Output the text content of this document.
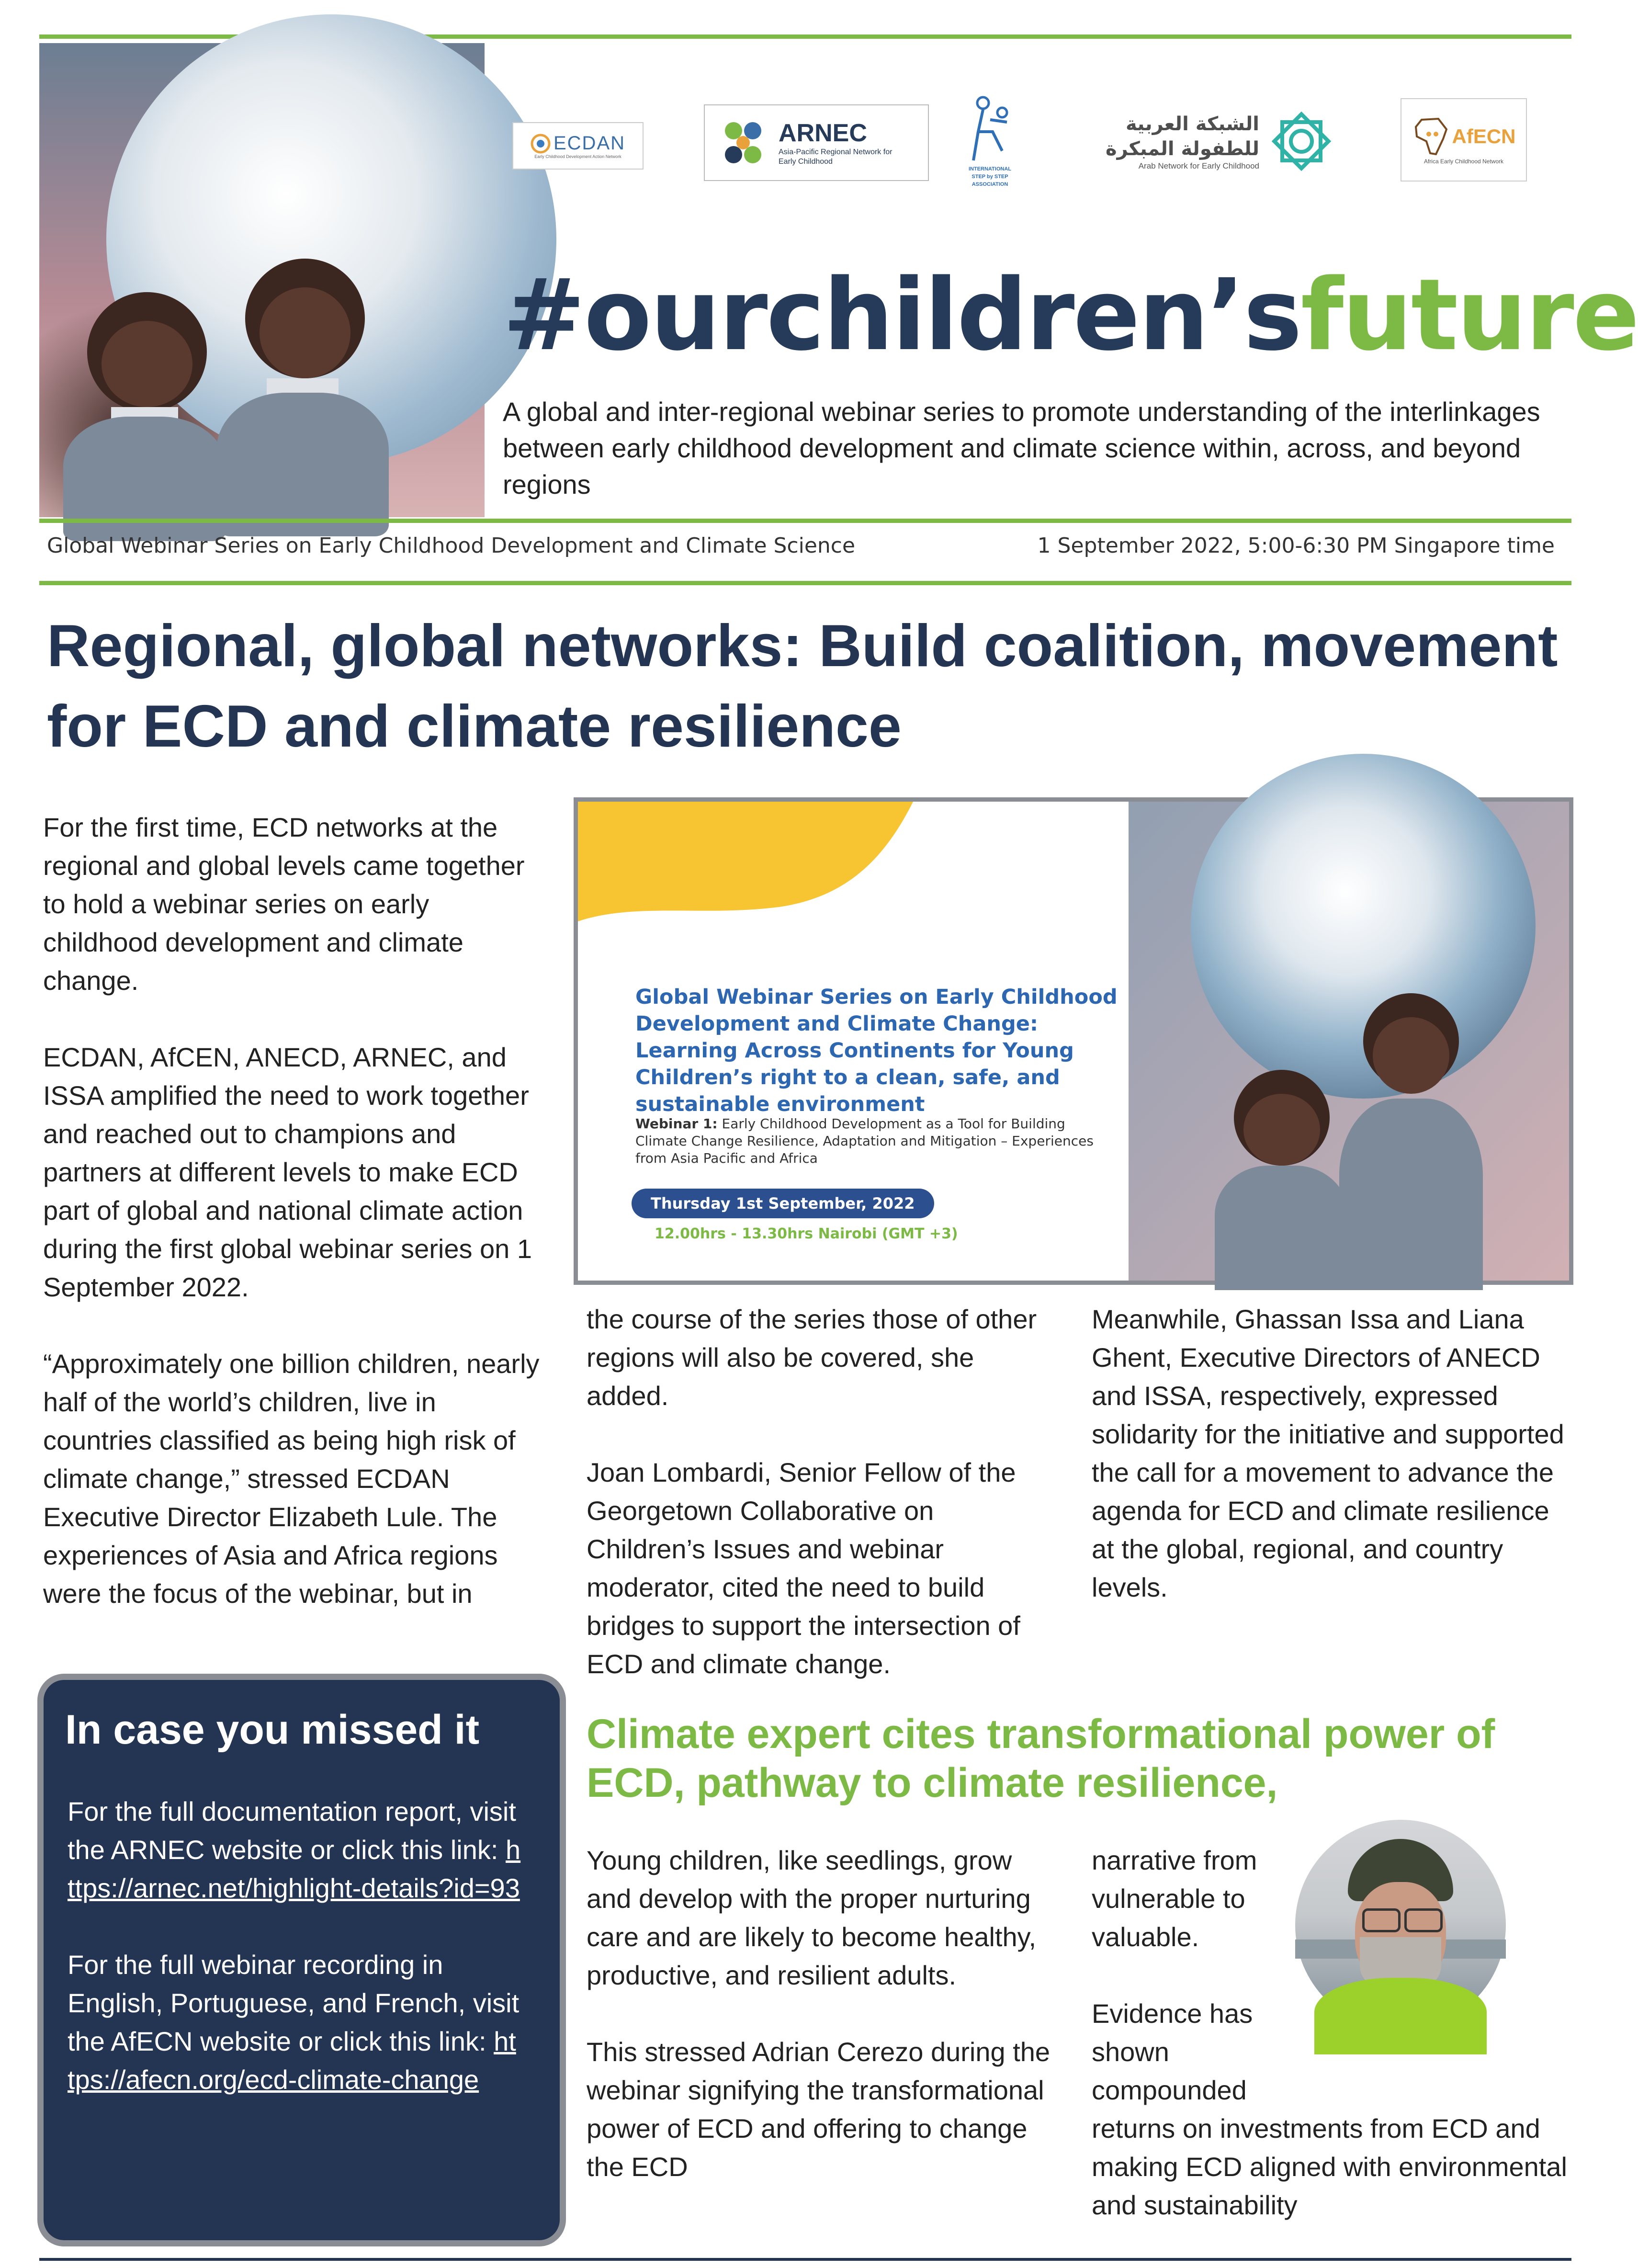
ECDAN
Early Childhood Development Action Network
ARNEC
Asia-Pacific Regional Network for Early Childhood
INTERNATIONAL STEP by STEP ASSOCIATION
الشبكة العربية للطفولة المبكرة
Arab Network for Early Childhood
AfECN
Africa Early Childhood Network
#ourchildren’sfuture
A global and inter-regional webinar series to promote understanding of the interlinkages between early childhood development and climate science within, across, and beyond regions
Global Webinar Series on Early Childhood Development and Climate Science	1 September 2022, 5:00-6:30 PM Singapore time
Regional, global networks: Build coalition, movement for ECD and climate resilience

For the first time, ECD networks at the regional and global levels came together to hold a webinar series on early childhood development and climate change.

ECDAN, AfCEN, ANECD, ARNEC, and ISSA amplified the need to work together and reached out to champions and partners at different levels to make ECD part of global and national climate action during the first global webinar series on 1 September 2022.

“Approximately one billion children, nearly half of the world’s children, live in countries classified as being high risk of climate change,” stressed ECDAN Executive Director Elizabeth Lule. The experiences of Asia and Africa regions were the focus of the webinar, but in

Global Webinar Series on Early Childhood Development and Climate Change: Learning Across Continents for Young Children’s right to a clean, safe, and sustainable environment
Webinar 1: Early Childhood Development as a Tool for Building Climate Change Resilience, Adaptation and Mitigation – Experiences from Asia Pacific and Africa
Thursday 1st September, 2022
12.00hrs - 13.30hrs Nairobi (GMT +3)

the course of the series those of other regions will also be covered, she added.

Joan Lombardi, Senior Fellow of the Georgetown Collaborative on Children’s Issues and webinar moderator, cited the need to build bridges to support the intersection of ECD and climate change.

Meanwhile, Ghassan Issa and Liana Ghent, Executive Directors of ANECD and ISSA, respectively, expressed solidarity for the initiative and supported the call for a movement to advance the agenda for ECD and climate resilience at the global, regional, and country levels.

In case you missed it

For the full documentation report, visit the ARNEC website or click this link: https://arnec.net/highlight-details?id=93

For the full webinar recording in English, Portuguese, and French, visit the AfECN website or click this link: https://afecn.org/ecd-climate-change

Climate expert cites transformational power of ECD, pathway to climate resilience,

Young children, like seedlings, grow and develop with the proper nurturing care and are likely to become healthy, productive, and resilient adults.

This stressed Adrian Cerezo during the webinar signifying the transformational power of ECD and offering to change the ECD

narrative from vulnerable to valuable.

Evidence has shown compounded

returns on investments from ECD and making ECD aligned with environmental and sustainability
